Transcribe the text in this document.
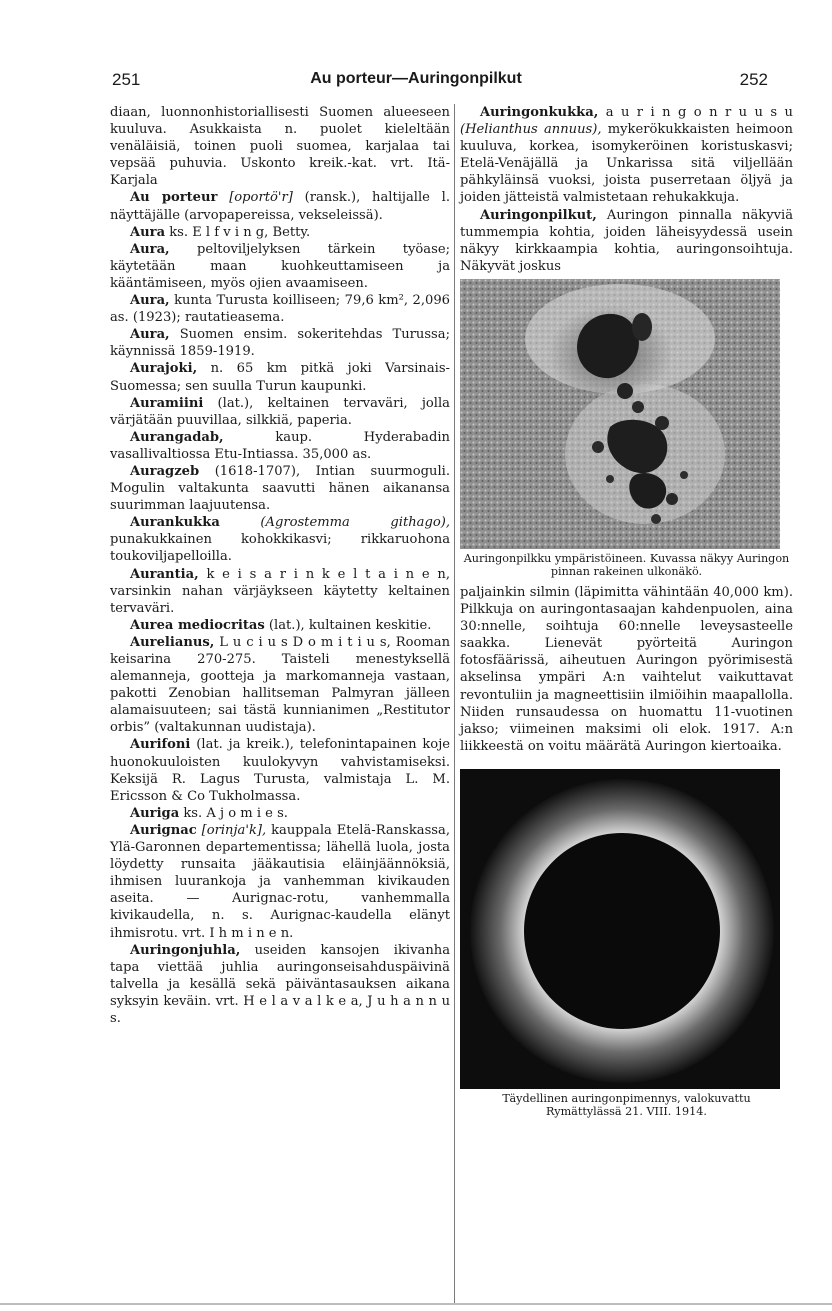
251	Au porteur—Auringonpilkut	252

diaan, luonnonhistoriallisesti Suomen alueeseen kuuluva. Asukkaista n. puolet kieleltään venäläisiä, toinen puoli suomea, karjalaa tai vepsää puhuvia. Uskonto kreik.-kat. vrt. Itä-Karjala

Au porteur [oportö'r] (ransk.), haltijalle l. näyttäjälle (arvopapereissa, vekseleissä).

Aura ks. E l f v i n g, Betty.

Aura, peltoviljelyksen tärkein työase; käytetään maan kuohkeuttamiseen ja kääntämiseen, myös ojien avaamiseen.

Aura, kunta Turusta koilliseen; 79,6 km², 2,096 as. (1923); rautatieasema.

Aura, Suomen ensim. sokeritehdas Turussa; käynnissä 1859-1919.

Aurajoki, n. 65 km pitkä joki Varsinais-Suomessa; sen suulla Turun kaupunki.

Auramiini (lat.), keltainen tervaväri, jolla värjätään puuvillaa, silkkiä, paperia.

Aurangadab,	kaup. Hyderabadin vasallivaltiossa Etu-Intiassa. 35,000 as.

Auragzeb (1618-1707), Intian suurmoguli. Mogulin valtakunta saavutti hänen aikanansa suurimman laajuutensa.

Aurankukka	(Agrostemma githago), punakukkainen kohokkikasvi; rikkaruohona toukoviljapelloilla.

Aurantia, k e i s a r i n k e l t a i n e n, varsinkin nahan värjäykseen käytetty keltainen tervaväri.

Aurea mediocritas (lat.), kultainen keskitie.

Aurelianus, L u c i u s D o m i t i u s, Rooman keisarina 270-275. Taisteli menestyksellä alemanneja, gootteja ja markomanneja vastaan, pakotti Zenobian hallitseman Palmyran jälleen alamaisuuteen; sai tästä kunnianimen „Restitutor orbis” (valtakunnan uudistaja).

Aurifoni (lat. ja kreik.), telefonintapainen koje huonokuuloisten kuulokyvyn vahvistamiseksi. Keksijä R. Lagus Turusta, valmistaja L. M. Ericsson & Co Tukholmassa.

Auriga ks. A j o m i e s.

Aurignac [orinja'k], kauppala Etelä-Ranskassa, Ylä-Garonnen departementissa; lähellä luola, josta löydetty runsaita jääkautisia eläinjäännöksiä, ihmisen luurankoja ja vanhemman kivikauden aseita. — Aurignac-rotu, vanhemmalla kivikaudella, n. s. Aurignac-kaudella elänyt ihmisrotu. vrt. I h m i n e n.

Auringonjuhla, useiden kansojen ikivanha tapa viettää juhlia auringonseisahduspäivinä talvella ja kesällä sekä päiväntasauksen aikana syksyin keväin. vrt. H e l a v a l k e a, J u h a n n u s.

Auringonkukka, a u r i n g o n r u u s u (Helianthus annuus), mykerökukkaisten heimoon kuuluva, korkea, isomykeröinen koristuskasvi; Etelä-Venäjällä ja Unkarissa sitä viljellään pähkyläinsä vuoksi, joista puserretaan öljyä ja joiden jätteistä valmistetaan rehukakkuja.

Auringonpilkut, Auringon pinnalla näkyviä tummempia kohtia, joiden läheisyydessä usein näkyy kirkkaampia kohtia, auringonsoihtuja. Näkyvät joskus

Auringonpilkku ympäristöineen. Kuvassa näkyy Auringon pinnan rakeinen ulkonäkö.

paljainkin silmin (läpimitta vähintään 40,000 km). Pilkkuja on auringontasaajan kahdenpuolen, aina 30:nnelle, soihtuja 60:nnelle leveysasteelle saakka. Lienevät pyörteitä Auringon fotosfäärissä, aiheutuen Auringon pyörimisestä akselinsa ympäri A:n vaihtelut vaikuttavat revontuliin ja magneettisiin ilmiöihin maapallolla. Niiden runsaudessa on huomattu 11-vuotinen jakso; viimeinen maksimi oli elok. 1917. A:n liikkeestä on voitu määrätä Auringon kiertoaika.

Täydellinen auringonpimennys, valokuvattu
Rymättylässä 21. VIII. 1914.
